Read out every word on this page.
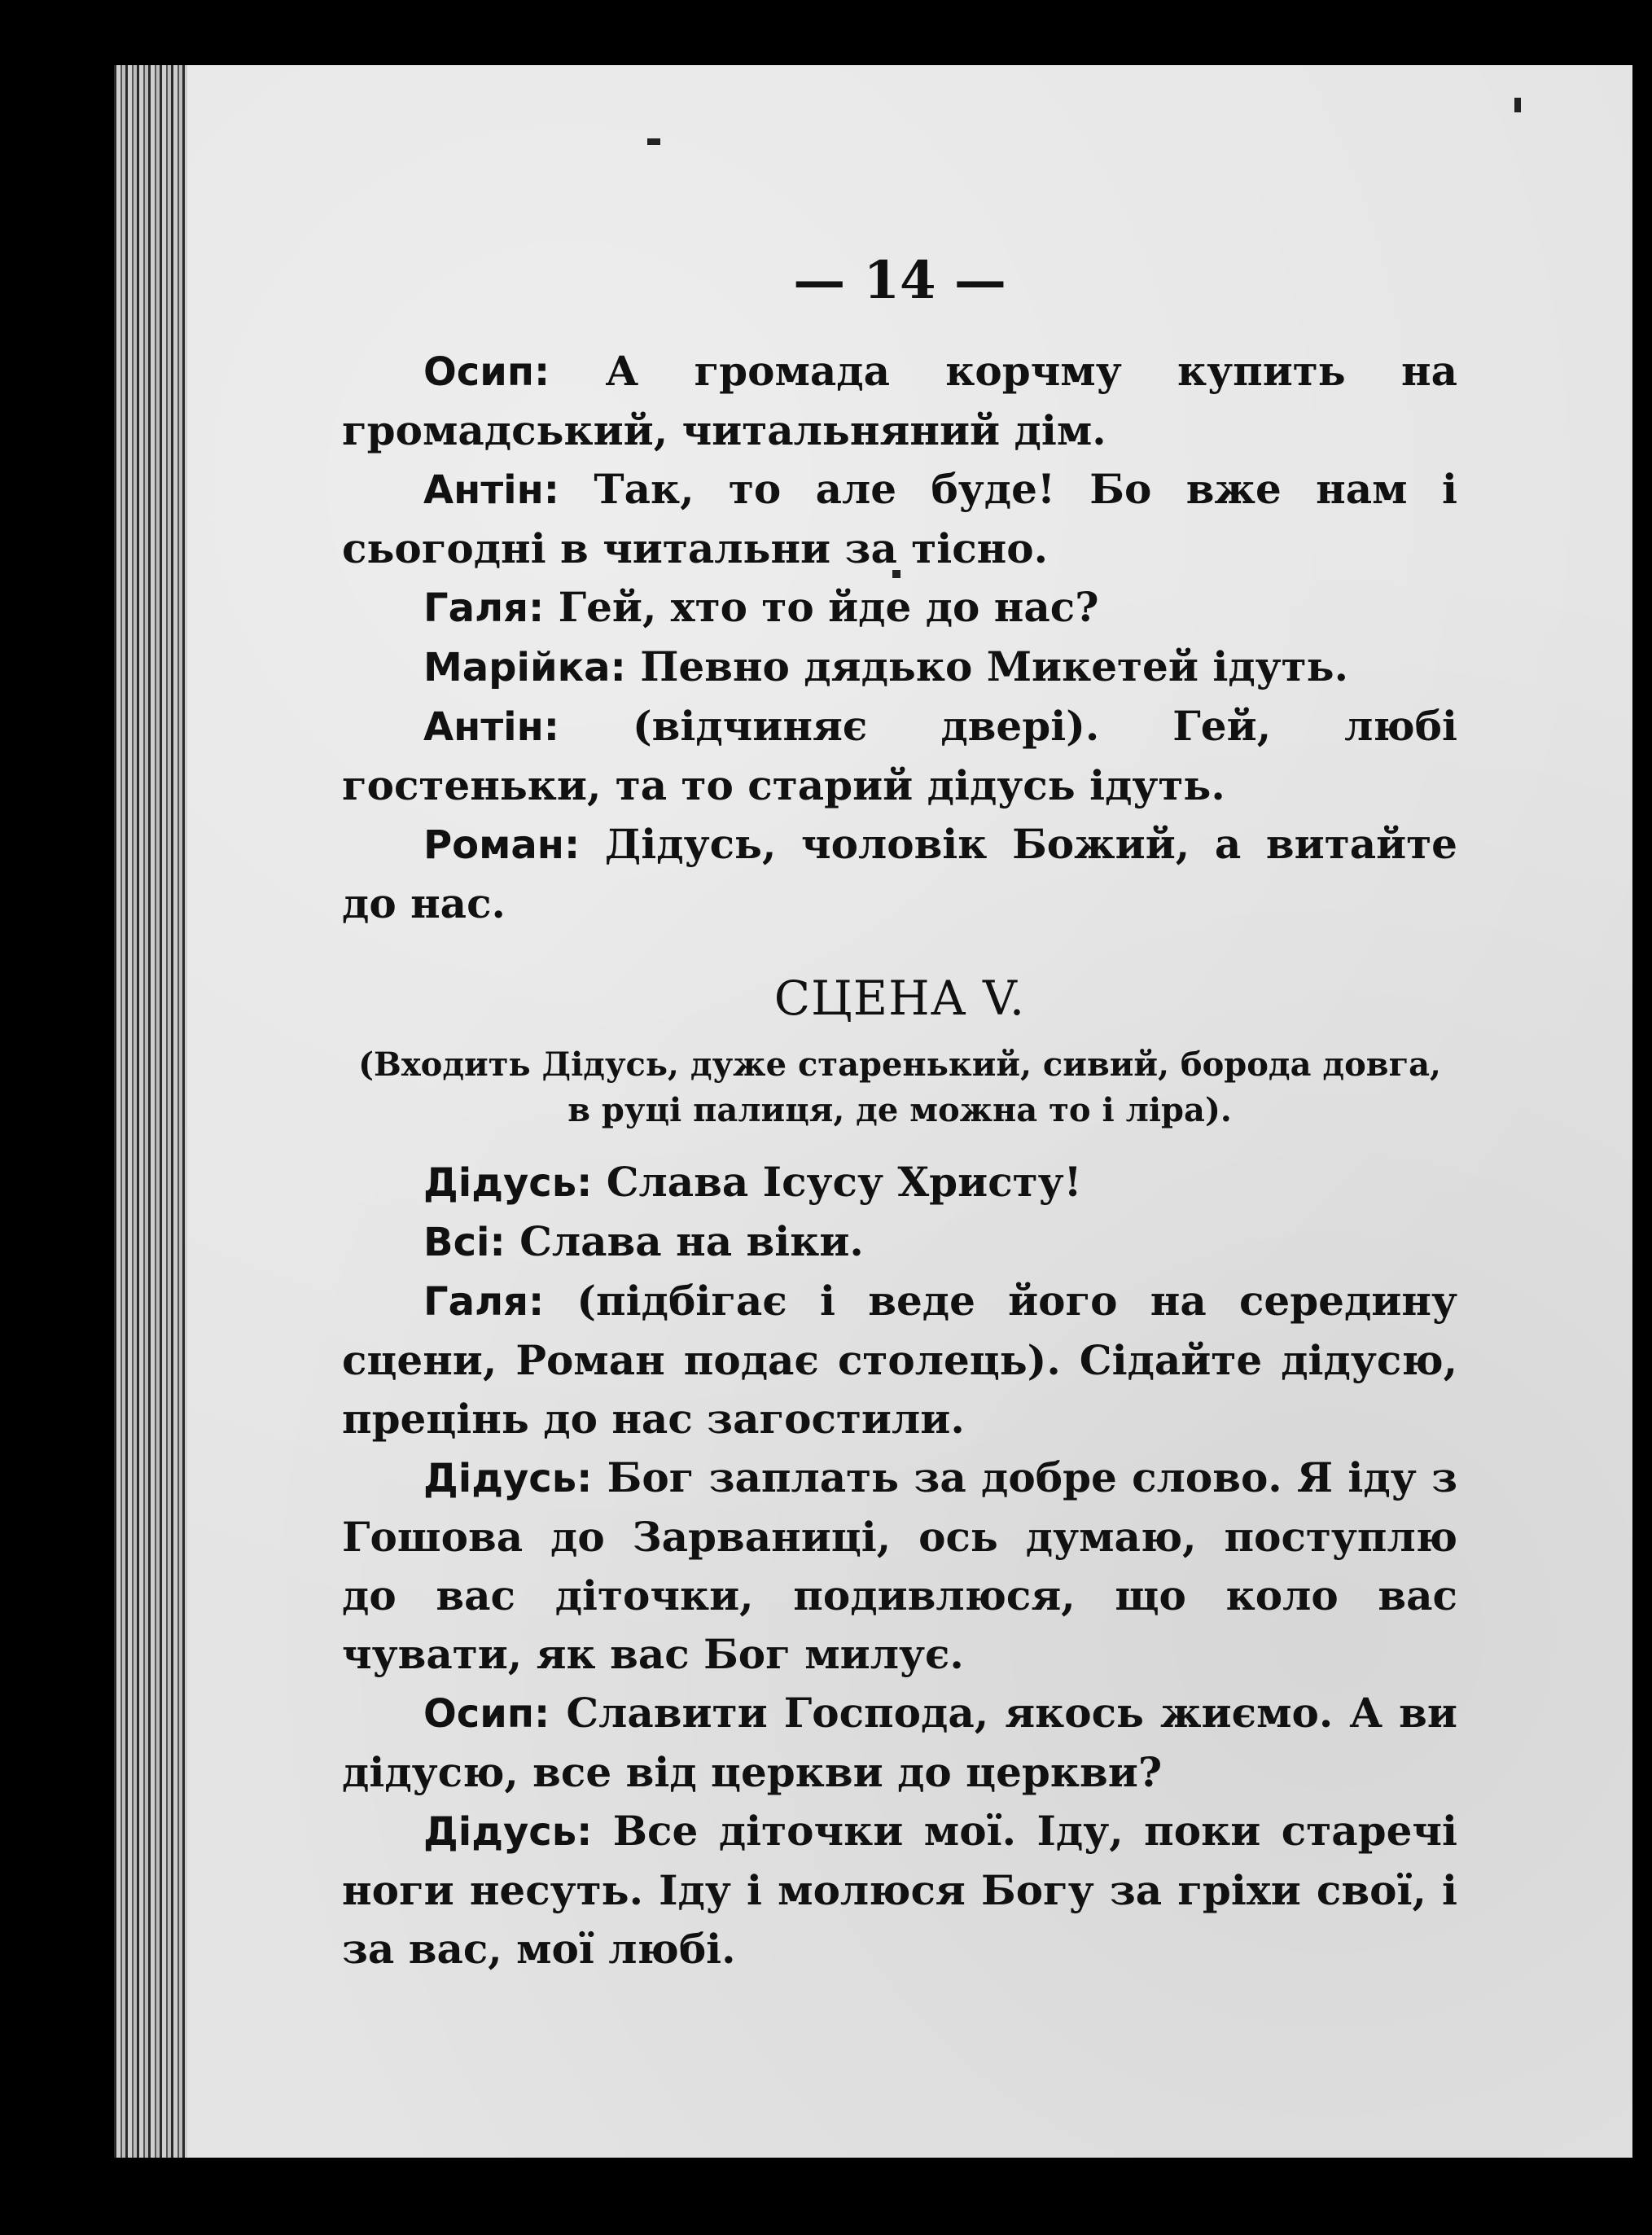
— 14 —

Осип: А громада корчму купить на громадський, читальняний дім.

Антін: Так, то але буде! Бо вже нам і сьогодні в читальни за тісно.

Галя: Гей, хто то йде до нас?

Марійка: Певно дядько Микетей ідуть.

Антін: (відчиняє двері). Гей, любі гостеньки, та то старий дідусь ідуть.

Роман: Дідусь, чоловік Божий, а витайте до нас.

СЦЕНА V.
(Входить Дідусь, дуже старенький, сивий, борода довга, в руці палиця, де можна то і ліра).

Дідусь: Слава Ісусу Христу!

Всі: Слава на віки.

Галя: (підбігає і веде його на середину сцени, Роман подає столець). Сідайте дідусю, прецінь до нас загостили.

Дідусь: Бог заплать за добре слово. Я іду з Гошова до Зарваниці, ось думаю, поступлю до вас діточки, подивлюся, що коло вас чувати, як вас Бог милує.

Осип: Славити Господа, якось жиємо. А ви дідусю, все від церкви до церкви?

Дідусь: Все діточки мої. Іду, поки старечі ноги несуть. Іду і молюся Богу за гріхи свої, і за вас, мої любі.
